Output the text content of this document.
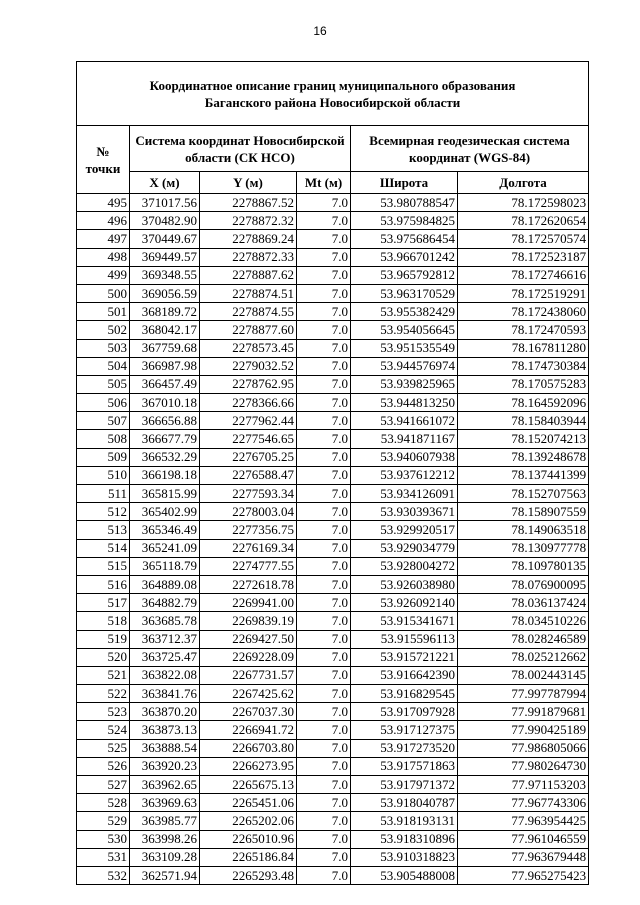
16
Координатное описание границ муниципального образования
Баганского района Новосибирской области					

№
точки	Система координат Новосибирской
области (СК НСО)			Всемирная геодезическая система
координат (WGS-84)	

	X (м)	Y (м)	Mt (м)	Широта	Долгота
495	371017.56	2278867.52	7.0	53.980788547	78.172598023
496	370482.90	2278872.32	7.0	53.975984825	78.172620654
497	370449.67	2278869.24	7.0	53.975686454	78.172570574
498	369449.57	2278872.33	7.0	53.966701242	78.172523187
499	369348.55	2278887.62	7.0	53.965792812	78.172746616
500	369056.59	2278874.51	7.0	53.963170529	78.172519291
501	368189.72	2278874.55	7.0	53.955382429	78.172438060
502	368042.17	2278877.60	7.0	53.954056645	78.172470593
503	367759.68	2278573.45	7.0	53.951535549	78.167811280
504	366987.98	2279032.52	7.0	53.944576974	78.174730384
505	366457.49	2278762.95	7.0	53.939825965	78.170575283
506	367010.18	2278366.66	7.0	53.944813250	78.164592096
507	366656.88	2277962.44	7.0	53.941661072	78.158403944
508	366677.79	2277546.65	7.0	53.941871167	78.152074213
509	366532.29	2276705.25	7.0	53.940607938	78.139248678
510	366198.18	2276588.47	7.0	53.937612212	78.137441399
511	365815.99	2277593.34	7.0	53.934126091	78.152707563
512	365402.99	2278003.04	7.0	53.930393671	78.158907559
513	365346.49	2277356.75	7.0	53.929920517	78.149063518
514	365241.09	2276169.34	7.0	53.929034779	78.130977778
515	365118.79	2274777.55	7.0	53.928004272	78.109780135
516	364889.08	2272618.78	7.0	53.926038980	78.076900095
517	364882.79	2269941.00	7.0	53.926092140	78.036137424
518	363685.78	2269839.19	7.0	53.915341671	78.034510226
519	363712.37	2269427.50	7.0	53.915596113	78.028246589
520	363725.47	2269228.09	7.0	53.915721221	78.025212662
521	363822.08	2267731.57	7.0	53.916642390	78.002443145
522	363841.76	2267425.62	7.0	53.916829545	77.997787994
523	363870.20	2267037.30	7.0	53.917097928	77.991879681
524	363873.13	2266941.72	7.0	53.917127375	77.990425189
525	363888.54	2266703.80	7.0	53.917273520	77.986805066
526	363920.23	2266273.95	7.0	53.917571863	77.980264730
527	363962.65	2265675.13	7.0	53.917971372	77.971153203
528	363969.63	2265451.06	7.0	53.918040787	77.967743306
529	363985.77	2265202.06	7.0	53.918193131	77.963954425
530	363998.26	2265010.96	7.0	53.918310896	77.961046559
531	363109.28	2265186.84	7.0	53.910318823	77.963679448
532	362571.94	2265293.48	7.0	53.905488008	77.965275423
